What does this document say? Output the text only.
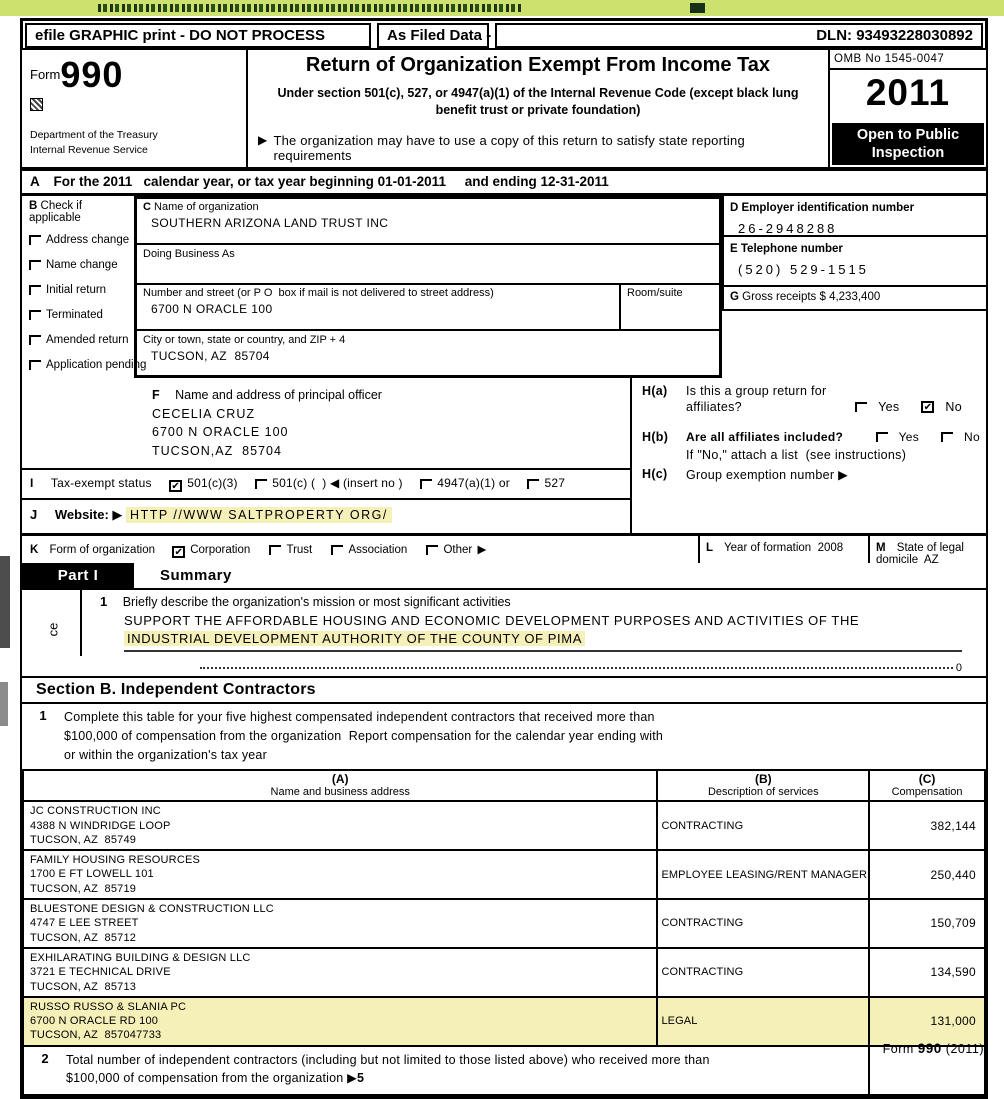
efile GRAPHIC print - DO NOT PROCESS	As Filed Data -	DLN: 93493228030892
$^{Form}$990
Department of the Treasury
Internal Revenue Service
Return of Organization Exempt From Income Tax
Under section 501(c), 527, or 4947(a)(1) of the Internal Revenue Code (except black lung benefit trust or private foundation)
▶ The organization may have to use a copy of this return to satisfy state reporting requirements
OMB No 1545-0047
2011
Open to Public
Inspection
A For the 2011   calendar year, or tax year beginning 01-01-2011     and ending 12-31-2011
B Check if applicable
Address change
Name change
Initial return
Terminated
Amended return
Application pending
C Name of organization
SOUTHERN ARIZONA LAND TRUST INC
Doing Business As
Number and street (or P O  box if mail is not delivered to street address)
6700 N ORACLE 100
Room/suite
City or town, state or country, and ZIP + 4
TUCSON, AZ  85704
D Employer identification number
26-2948288
E Telephone number
(520) 529-1515
G Gross receipts $ 4,233,400
F Name and address of principal officer
CECELIA CRUZ
6700 N ORACLE 100
TUCSON,AZ  85704
H(a)	Is this a group return for
affiliates?	Yes ✔ No
H(b)	Are all affiliates included?	Yes	No
If "No," attach a list  (see instructions)
H(c)	Group exemption number ▶
I Tax-exempt status ✔ 501(c)(3)	501(c) (  ) ◀ (insert no )	4947(a)(1) or	527
J Website: ▶ HTTP //WWW SALTPROPERTY ORG/
K Form of organization ✔ Corporation	Trust	Association	Other ▶	L Year of formation  2008	M State of legal domicile  AZ
Part I	Summary
ce
1 Briefly describe the organization's mission or most significant activities
SUPPORT THE AFFORDABLE HOUSING AND ECONOMIC DEVELOPMENT PURPOSES AND ACTIVITIES OF THE
INDUSTRIAL DEVELOPMENT AUTHORITY OF THE COUNTY OF PIMA
0
Section B. Independent Contractors
1	Complete this table for your five highest compensated independent contractors that received more than
$100,000 of compensation from the organization  Report compensation for the calendar year ending with
or within the organization's tax year
(A)
Name and business address

(B)
Description of services

(C)
Compensation

JC CONSTRUCTION INC
4388 N WINDRIDGE LOOP
TUCSON, AZ  85749	CONTRACTING	382,144

FAMILY HOUSING RESOURCES
1700 E FT LOWELL 101
TUCSON, AZ  85719	EMPLOYEE LEASING/RENT MANAGER	250,440

BLUESTONE DESIGN & CONSTRUCTION LLC
4747 E LEE STREET
TUCSON, AZ  85712	CONTRACTING	150,709

EXHILARATING BUILDING & DESIGN LLC
3721 E TECHNICAL DRIVE
TUCSON, AZ  85713	CONTRACTING	134,590

RUSSO RUSSO & SLANIA PC
6700 N ORACLE RD 100
TUCSON, AZ  857047733	LEGAL	131,000

2 Total number of independent contractors (including but not limited to those listed above) who received more than
$100,000 of compensation from the organization ▶5		

Form 990 (2011)
